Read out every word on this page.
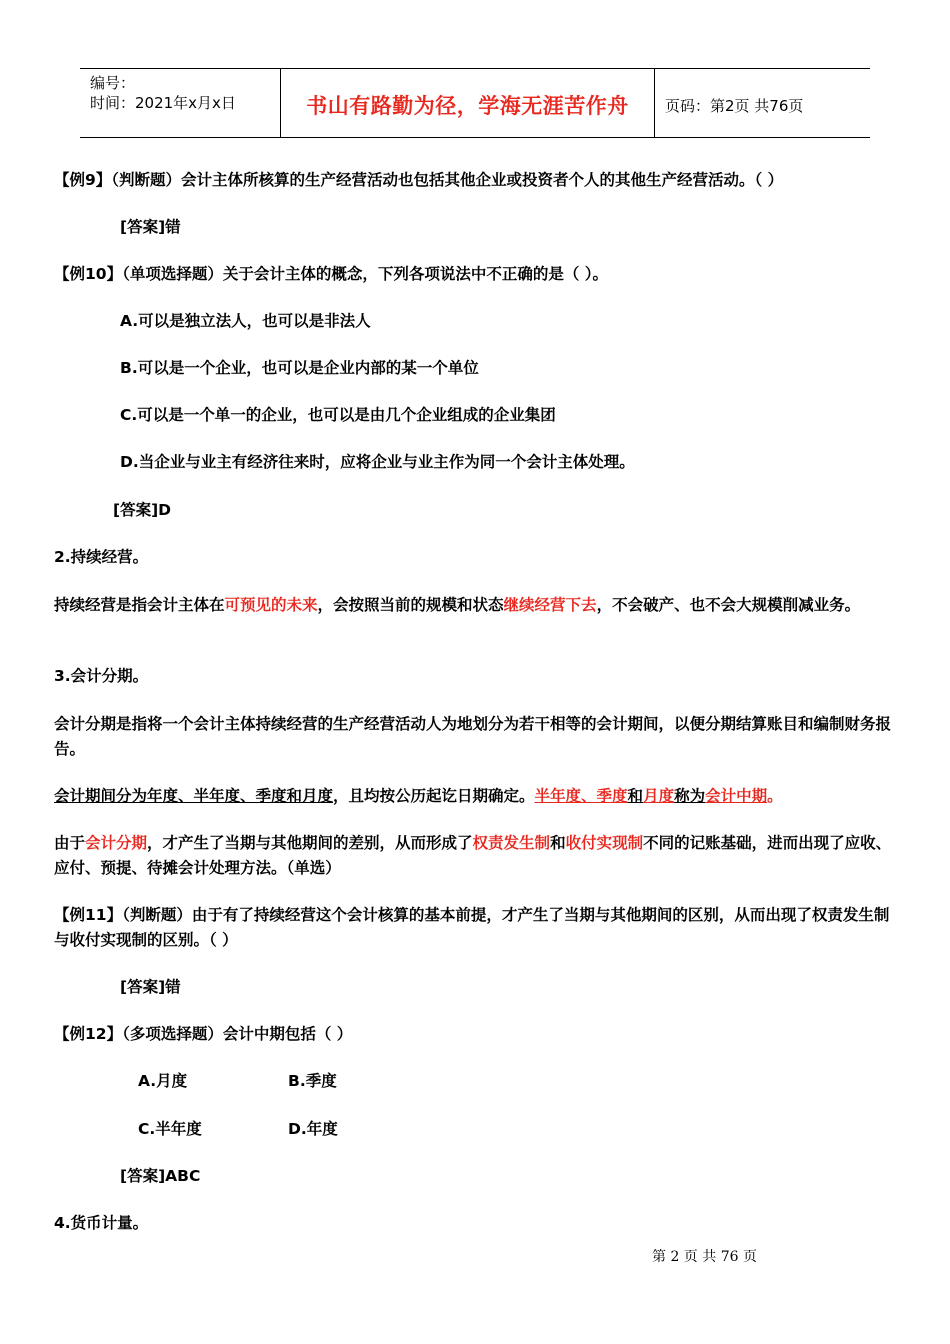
编号：
时间：2021年x月x日	书山有路勤为径，学海无涯苦作舟	页码：第2页 共76页

【例9】（判断题）会计主体所核算的生产经营活动也包括其他企业或投资者个人的其他生产经营活动。（ ）

[答案]错

【例10】（单项选择题）关于会计主体的概念，下列各项说法中不正确的是（ ）。

A.可以是独立法人，也可以是非法人

B.可以是一个企业，也可以是企业内部的某一个单位

C.可以是一个单一的企业，也可以是由几个企业组成的企业集团

D.当企业与业主有经济往来时，应将企业与业主作为同一个会计主体处理。

[答案]D

2.持续经营。

持续经营是指会计主体在可预见的未来，会按照当前的规模和状态继续经营下去，不会破产、也不会大规模削减业务。

3.会计分期。

会计分期是指将一个会计主体持续经营的生产经营活动人为地划分为若干相等的会计期间，以便分期结算账目和编制财务报告。

会计期间分为年度、半年度、季度和月度，且均按公历起讫日期确定。半年度、季度和月度称为会计中期。

由于会计分期，才产生了当期与其他期间的差别，从而形成了权责发生制和收付实现制不同的记账基础，进而出现了应收、应付、预提、待摊会计处理方法。（单选）

【例11】（判断题）由于有了持续经营这个会计核算的基本前提，才产生了当期与其他期间的区别，从而出现了权责发生制与收付实现制的区别。（ ）

[答案]错

【例12】（多项选择题）会计中期包括（ ）

A.月度	B.季度
C.半年度	D.年度

[答案]ABC

4.货币计量。

第 2 页 共 76 页
